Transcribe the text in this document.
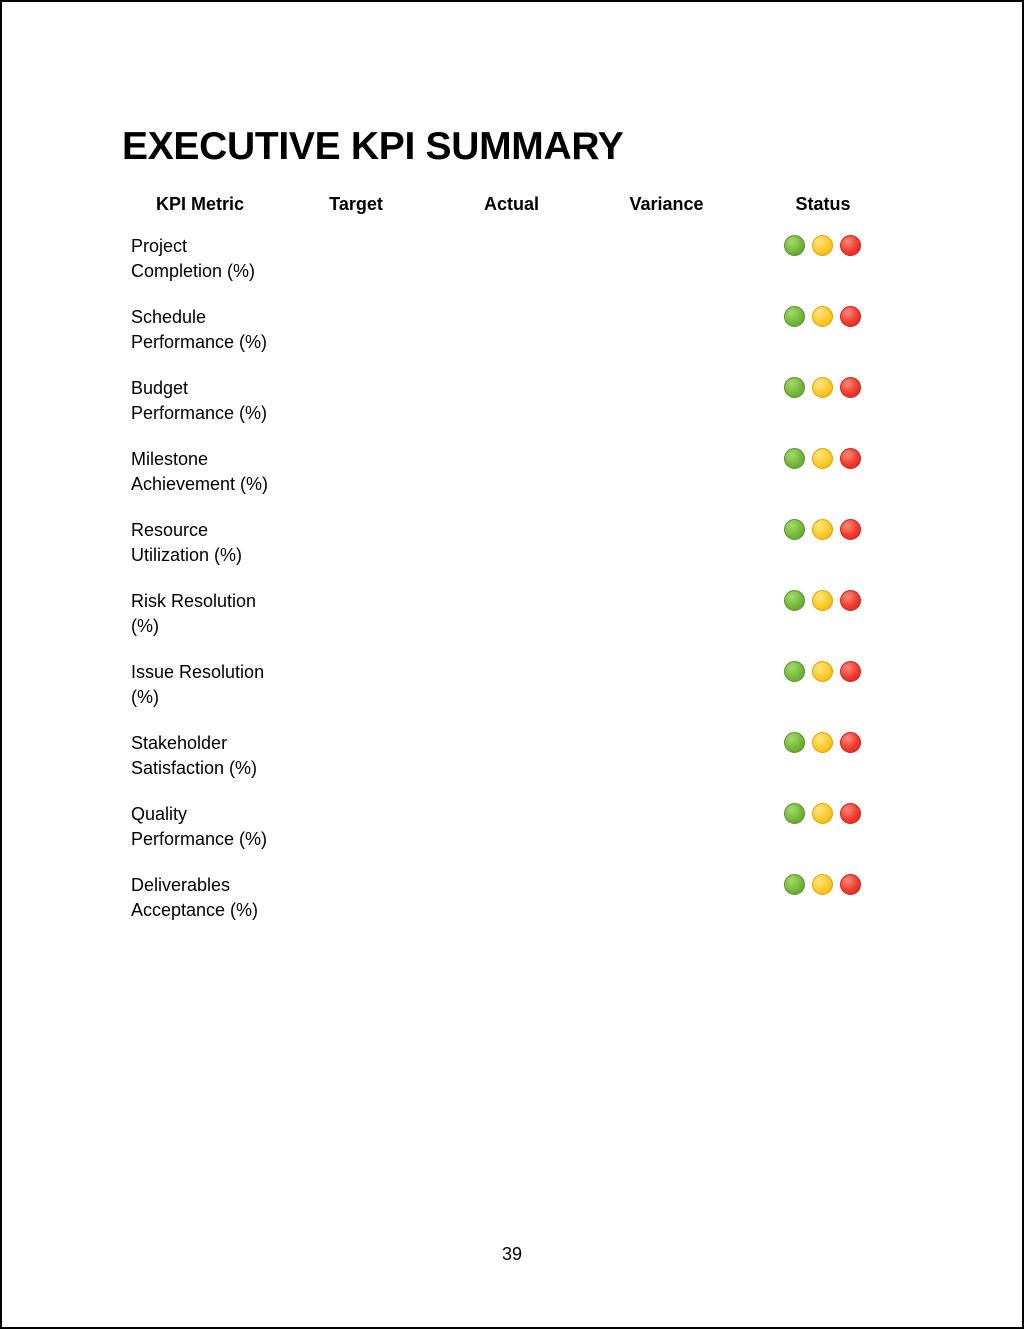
EXECUTIVE KPI SUMMARY
KPI Metric	Target	Actual	Variance	Status
Project Completion (%)				

Schedule Performance (%)				

Budget Performance (%)				

Milestone Achievement (%)				

Resource Utilization (%)				

Risk Resolution (%)				

Issue Resolution (%)				

Stakeholder Satisfaction (%)				

Quality Performance (%)				

Deliverables Acceptance (%)				
39
